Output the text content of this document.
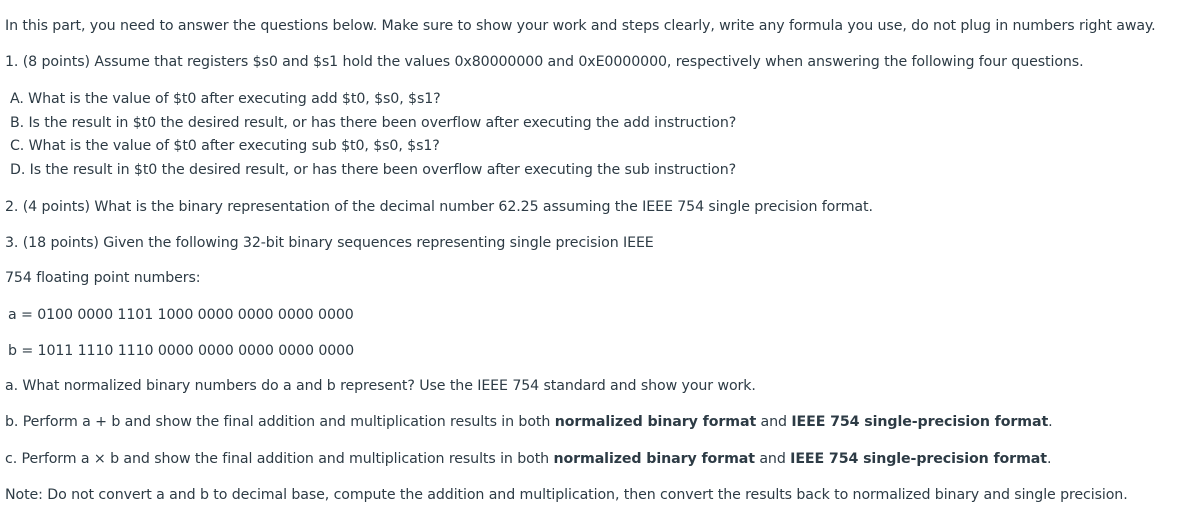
In this part, you need to answer the questions below. Make sure to show your work and steps clearly, write any formula you use, do not plug in numbers right away.
1. (8 points) Assume that registers $s0 and $s1 hold the values 0x80000000 and 0xE0000000, respectively when answering the following four questions.
A. What is the value of $t0 after executing add $t0, $s0, $s1?
B. Is the result in $t0 the desired result, or has there been overflow after executing the add instruction?
C. What is the value of $t0 after executing sub $t0, $s0, $s1?
D. Is the result in $t0 the desired result, or has there been overflow after executing the sub instruction?
2. (4 points) What is the binary representation of the decimal number 62.25 assuming the IEEE 754 single precision format.
3. (18 points) Given the following 32-bit binary sequences representing single precision IEEE
754 floating point numbers:
a = 0100 0000 1101 1000 0000 0000 0000 0000
b = 1011 1110 1110 0000 0000 0000 0000 0000
a. What normalized binary numbers do a and b represent? Use the IEEE 754 standard and show your work.
b. Perform a + b and show the final addition and multiplication results in both normalized binary format and IEEE 754 single-precision format.
c. Perform a × b and show the final addition and multiplication results in both normalized binary format and IEEE 754 single-precision format.
Note: Do not convert a and b to decimal base, compute the addition and multiplication, then convert the results back to normalized binary and single precision.
